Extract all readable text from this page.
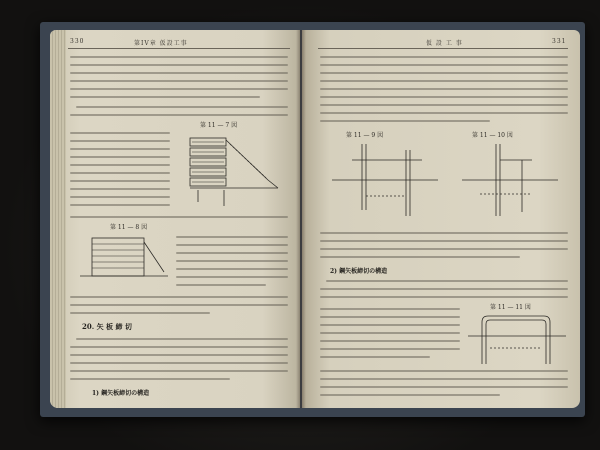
330	第IV章 仮設工事
第 11 — 7 図
第 11 — 8 図
20. 矢 板 締 切
1) 鋼矢板締切の構造
仮 設 工 事	331
第 11 — 9 図	第 11 — 10 図
2) 鋼矢板締切の構造
第 11 — 11 図
